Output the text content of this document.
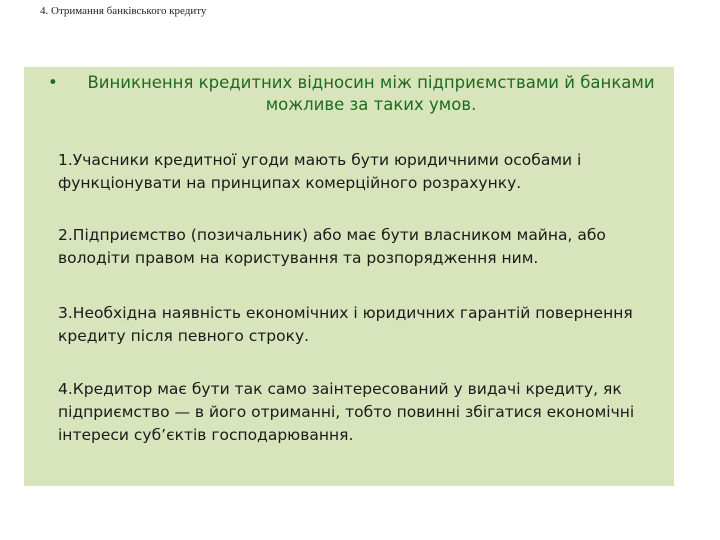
4. Отримання банківського кредиту
•	Виникнення кредитних відносин між підприємствами й банками можливе за таких умов.
1.Учасники кредитної угоди мають бути юридичними особами і функціонувати на принципах комерційного розрахунку.
2.Підприємство (позичальник) або має бути власником майна, або володіти правом на користування та розпорядження ним.
3.Необхідна наявність економічних і юридичних гарантій повернення кредиту після певного строку.
4.Кредитор має бути так само заінтересований у видачі кредиту, як підприємство — в його отриманні, тобто повинні збігатися економічні інтереси суб’єктів господарювання.
